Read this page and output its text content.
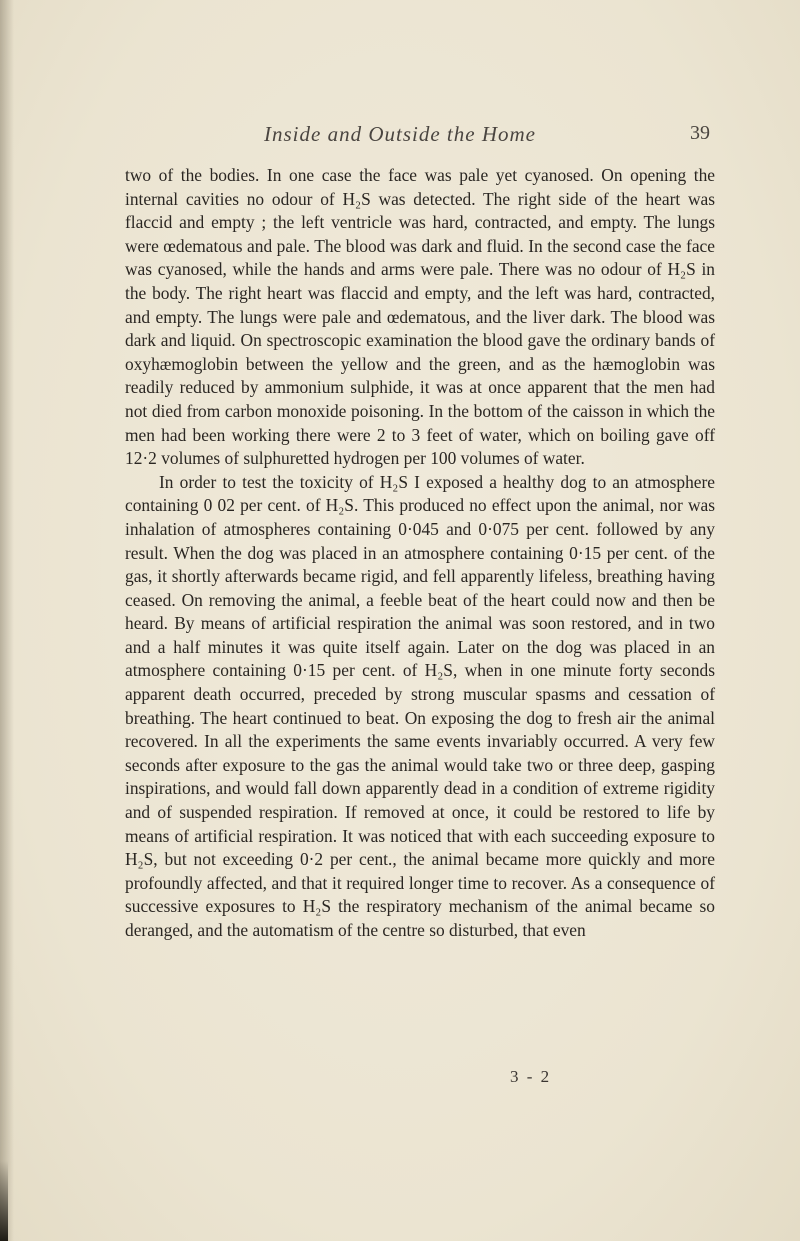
Inside and Outside the Home	39

two of the bodies. In one case the face was pale yet cyanosed. On opening the internal cavities no odour of H₂S was detected. The right side of the heart was flaccid and empty ; the left ventricle was hard, contracted, and empty. The lungs were œdematous and pale. The blood was dark and fluid. In the second case the face was cyanosed, while the hands and arms were pale. There was no odour of H₂S in the body. The right heart was flaccid and empty, and the left was hard, contracted, and empty. The lungs were pale and œdematous, and the liver dark. The blood was dark and liquid. On spectroscopic examination the blood gave the ordinary bands of oxyhæmoglobin between the yellow and the green, and as the hæmoglobin was readily reduced by ammonium sulphide, it was at once apparent that the men had not died from carbon monoxide poisoning. In the bottom of the caisson in which the men had been working there were 2 to 3 feet of water, which on boiling gave off 12·2 volumes of sulphuretted hydrogen per 100 volumes of water.

In order to test the toxicity of H₂S I exposed a healthy dog to an atmosphere containing 0 02 per cent. of H₂S. This produced no effect upon the animal, nor was inhalation of atmospheres containing 0·045 and 0·075 per cent. followed by any result. When the dog was placed in an atmosphere containing 0·15 per cent. of the gas, it shortly afterwards became rigid, and fell apparently lifeless, breathing having ceased. On removing the animal, a feeble beat of the heart could now and then be heard. By means of artificial respiration the animal was soon restored, and in two and a half minutes it was quite itself again. Later on the dog was placed in an atmosphere containing 0·15 per cent. of H₂S, when in one minute forty seconds apparent death occurred, preceded by strong muscular spasms and cessation of breathing. The heart continued to beat. On exposing the dog to fresh air the animal recovered. In all the experiments the same events invariably occurred. A very few seconds after exposure to the gas the animal would take two or three deep, gasping inspirations, and would fall down apparently dead in a condition of extreme rigidity and of suspended respiration. If removed at once, it could be restored to life by means of artificial respiration. It was noticed that with each succeeding exposure to H₂S, but not exceeding 0·2 per cent., the animal became more quickly and more profoundly affected, and that it required longer time to recover. As a consequence of successive exposures to H₂S the respiratory mechanism of the animal became so deranged, and the automatism of the centre so disturbed, that even

3 - 2
